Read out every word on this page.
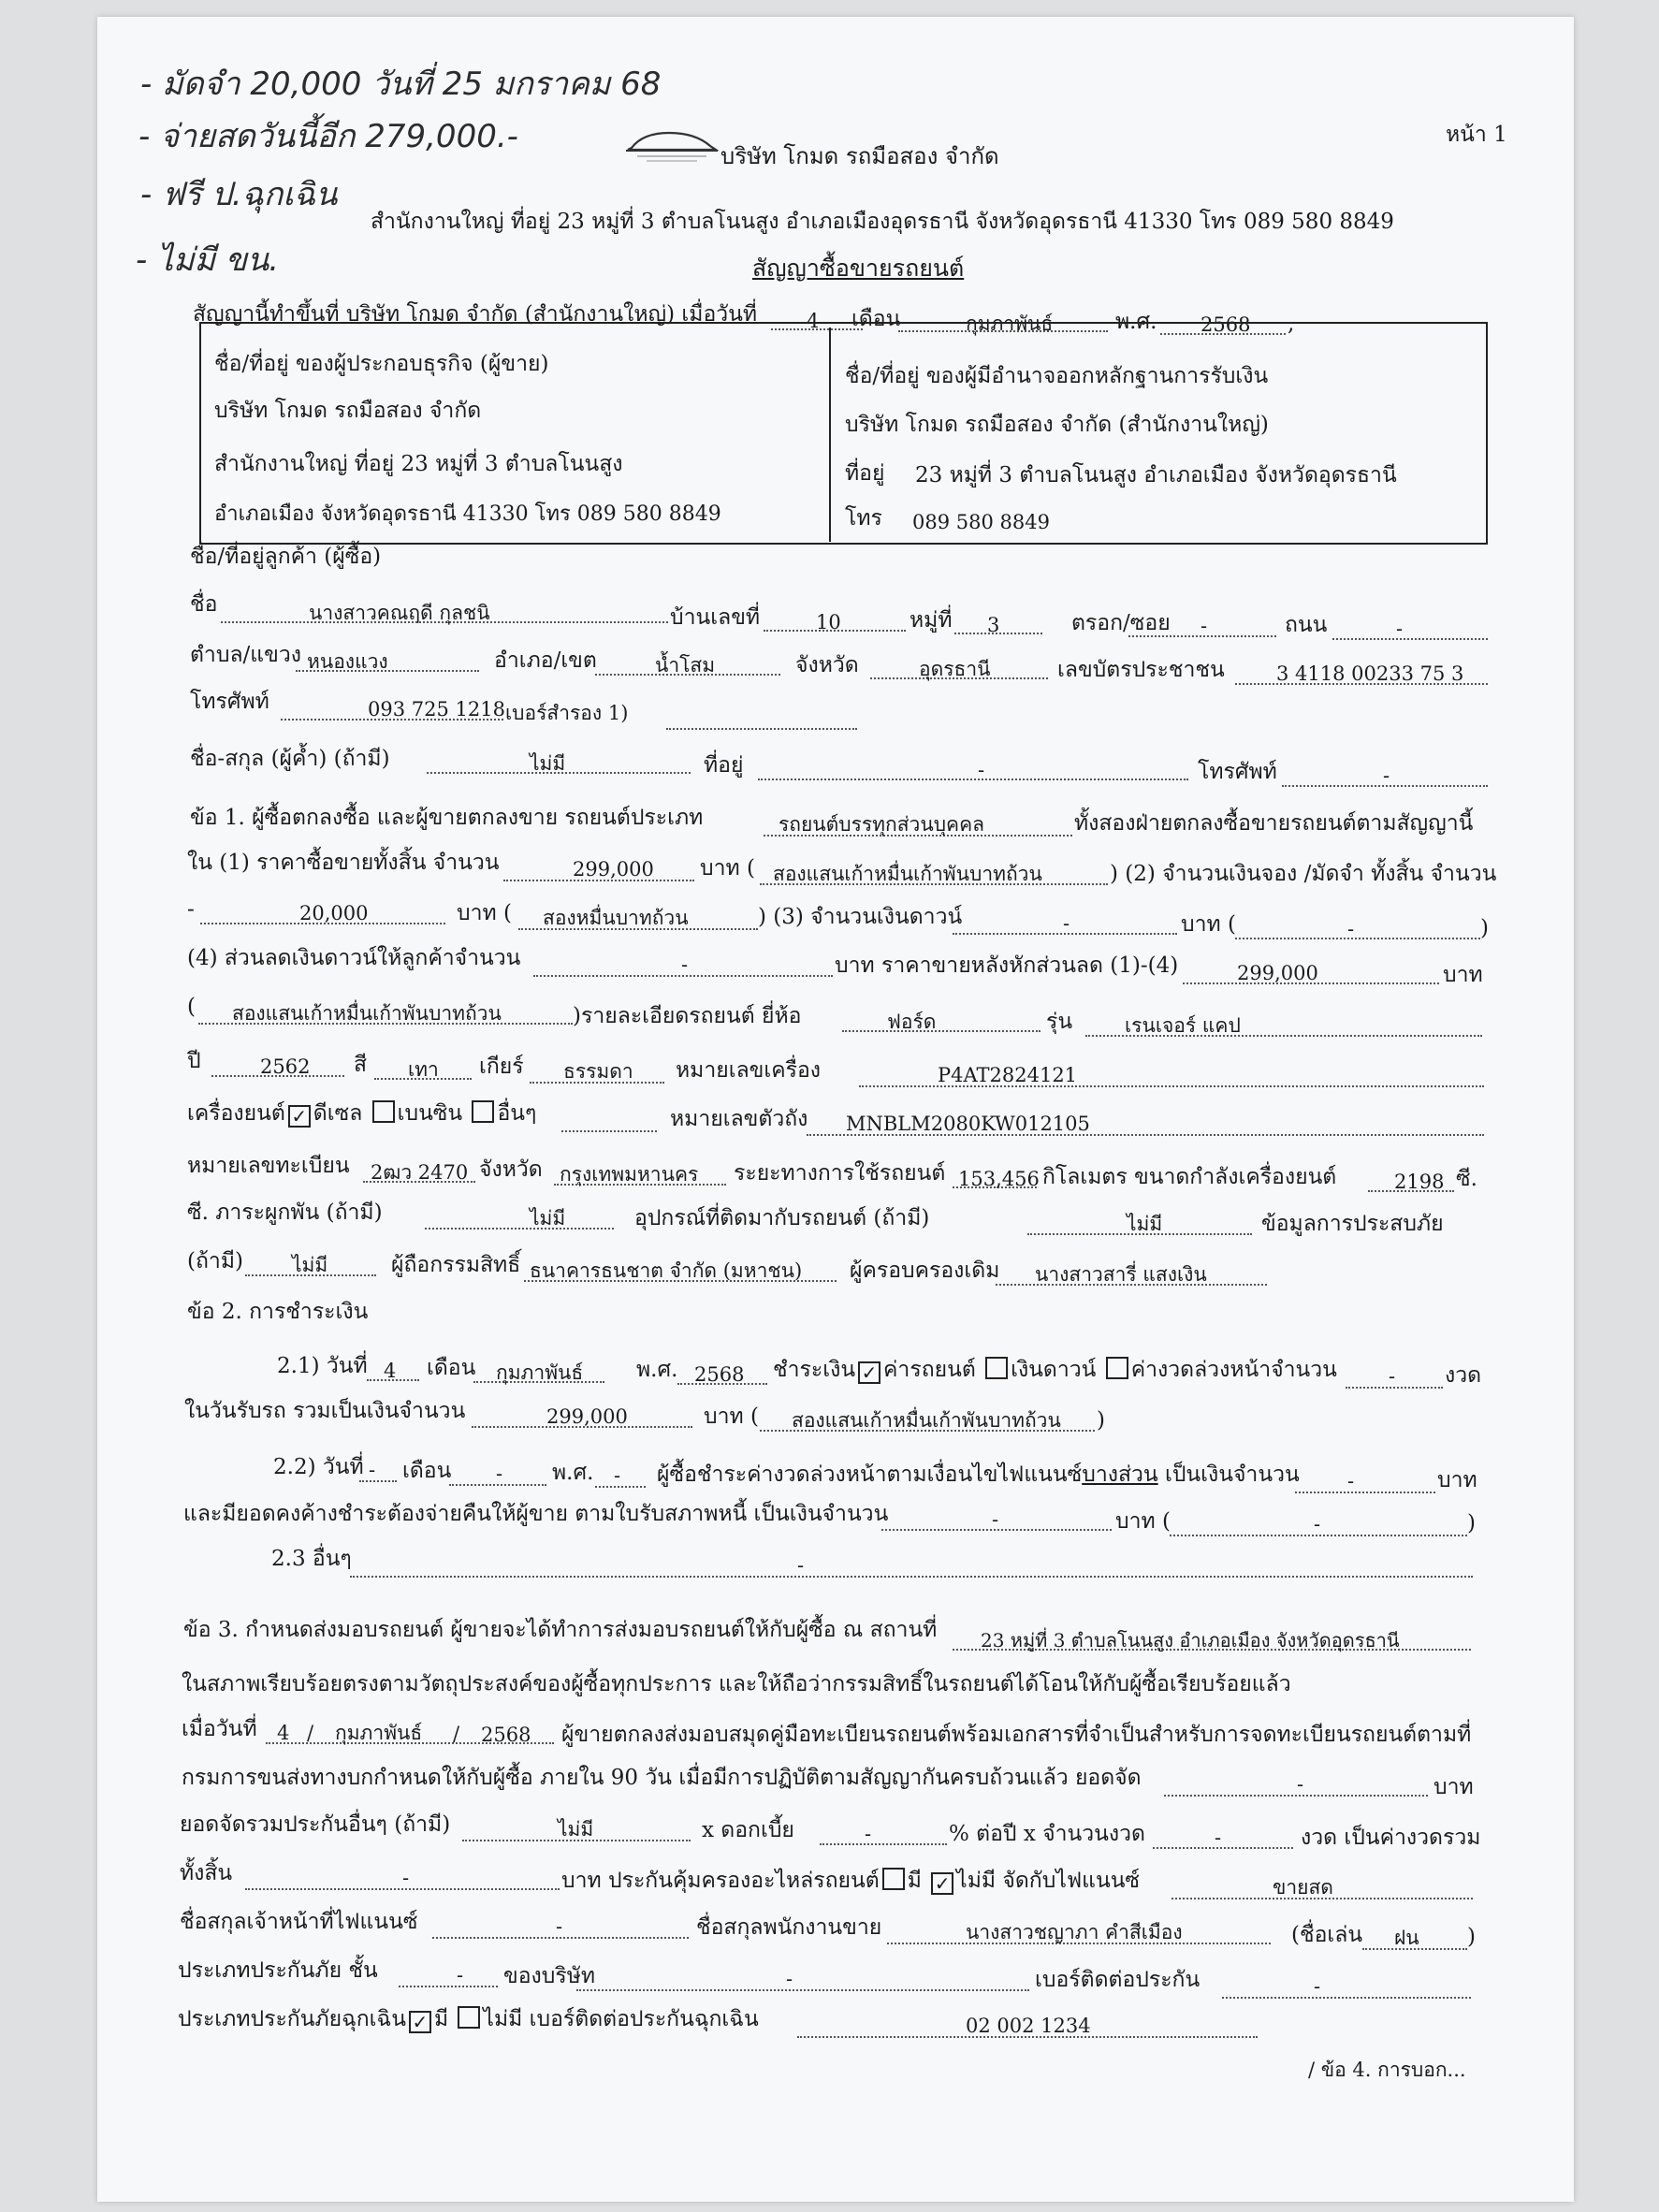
- มัดจำ 20,000 วันที่ 25 มกราคม 68
- จ่ายสดวันนี้อีก 279,000.-
- ฟรี ป.ฉุกเฉิน
- ไม่มี ขน.
บริษัท โกมด รถมือสอง จำกัด
หน้า 1
สำนักงานใหญ่ ที่อยู่ 23 หมู่ที่ 3 ตำบลโนนสูง อำเภอเมืองอุดรธานี จังหวัดอุดรธานี 41330 โทร 089 580 8849
สัญญาซื้อขายรถยนต์
สัญญานี้ทำขึ้นที่ บริษัท โกมด จำกัด (สำนักงานใหญ่) เมื่อวันที่	4 เดือน	กุมภาพันธ์	พ.ศ. 2568 ,
ชื่อ/ที่อยู่ ของผู้ประกอบธุรกิจ (ผู้ขาย)
บริษัท โกมด รถมือสอง จำกัด
สำนักงานใหญ่ ที่อยู่ 23 หมู่ที่ 3 ตำบลโนนสูง
อำเภอเมือง จังหวัดอุดรธานี 41330 โทร 089 580 8849
ชื่อ/ที่อยู่ ของผู้มีอำนาจออกหลักฐานการรับเงิน
บริษัท โกมด รถมือสอง จำกัด (สำนักงานใหญ่)
ที่อยู่ 23 หมู่ที่ 3 ตำบลโนนสูง อำเภอเมือง จังหวัดอุดรธานี
โทร 089 580 8849
ชื่อ/ที่อยู่ลูกค้า (ผู้ซื้อ)
ชื่อ	นางสาวคณฤดี กุลชนิ	บ้านเลขที่	10	หมู่ที่ 3	ตรอก/ซอย -	ถนน	-
ตำบล/แขวง หนองแวง	อำเภอ/เขต	น้ำโสม	จังหวัด	อุดรธานี	เลขบัตรประชาชน	3 4118 00233 75 3
โทรศัพท์	093 725 1218 เบอร์สำรอง 1)
ชื่อ-สกุล (ผู้ค้ำ) (ถ้ามี)	ไม่มี	ที่อยู่	-	โทรศัพท์	-
ข้อ 1. ผู้ซื้อตกลงซื้อ และผู้ขายตกลงขาย รถยนต์ประเภท	รถยนต์บรรทุกส่วนบุคคล	ทั้งสองฝ่ายตกลงซื้อขายรถยนต์ตามสัญญานี้
ใน (1) ราคาซื้อขายทั้งสิ้น จำนวน	299,000 บาท ( สองแสนเก้าหมื่นเก้าพันบาทถ้วน	) (2) จำนวนเงินจอง /มัดจำ ทั้งสิ้น จำนวน
-	20,000	บาท ( สองหมื่นบาทถ้วน	) (3) จำนวนเงินดาวน์	-	บาท (	-	)
(4) ส่วนลดเงินดาวน์ให้ลูกค้าจำนวน	-	บาท ราคาขายหลังหักส่วนลด (1)-(4)	299,000	บาท
( สองแสนเก้าหมื่นเก้าพันบาทถ้วน	)รายละเอียดรถยนต์ ยี่ห้อ	ฟอร์ด	รุ่น	เรนเจอร์ แคป
ปี	2562 สี เทา เกียร์ ธรรมดา หมายเลขเครื่อง	P4AT2824121
เครื่องยนต์ ✓ ดีเซล เบนซิน อื่นๆ	หมายเลขตัวถัง MNBLM2080KW012105
หมายเลขทะเบียน 2ฒว 2470 จังหวัด กรุงเทพมหานคร ระยะทางการใช้รถยนต์ 153,456 กิโลเมตร ขนาดกำลังเครื่องยนต์	2198 ซี.
ซี. ภาระผูกพัน (ถ้ามี)	ไม่มี	อุปกรณ์ที่ติดมากับรถยนต์ (ถ้ามี)	ไม่มี	ข้อมูลการประสบภัย
(ถ้ามี) ไม่มี	ผู้ถือกรรมสิทธิ์ ธนาคารธนชาต จำกัด (มหาชน) ผู้ครอบครองเดิม นางสาวสารี่ แสงเงิน
ข้อ 2. การชำระเงิน
2.1) วันที่ 4 เดือน กุมภาพันธ์ พ.ศ. 2568 ชำระเงิน ✓ ค่ารถยนต์ เงินดาวน์ ค่างวดล่วงหน้าจำนวน	- งวด
ในวันรับรถ รวมเป็นเงินจำนวน	299,000	บาท ( สองแสนเก้าหมื่นเก้าพันบาทถ้วน )
2.2) วันที่ - เดือน - พ.ศ. - ผู้ซื้อชำระค่างวดล่วงหน้าตามเงื่อนไขไฟแนนซ์บางส่วน เป็นเงินจำนวน -	บาท
และมียอดคงค้างชำระต้องจ่ายคืนให้ผู้ขาย ตามใบรับสภาพหนี้ เป็นเงินจำนวน	-	บาท (	-	)
2.3 อื่นๆ	-
ข้อ 3. กำหนดส่งมอบรถยนต์ ผู้ขายจะได้ทำการส่งมอบรถยนต์ให้กับผู้ซื้อ ณ สถานที่ 23 หมู่ที่ 3 ตำบลโนนสูง อำเภอเมือง จังหวัดอุดรธานี
ในสภาพเรียบร้อยตรงตามวัตถุประสงค์ของผู้ซื้อทุกประการ และให้ถือว่ากรรมสิทธิ์ในรถยนต์ได้โอนให้กับผู้ซื้อเรียบร้อยแล้ว
เมื่อวันที่ 4 / กุมภาพันธ์ / 2568 ผู้ขายตกลงส่งมอบสมุดคู่มือทะเบียนรถยนต์พร้อมเอกสารที่จำเป็นสำหรับการจดทะเบียนรถยนต์ตามที่
กรมการขนส่งทางบกกำหนดให้กับผู้ซื้อ ภายใน 90 วัน เมื่อมีการปฏิบัติตามสัญญากันครบถ้วนแล้ว ยอดจัด	-	บาท
ยอดจัดรวมประกันอื่นๆ (ถ้ามี)	ไม่มี	x ดอกเบี้ย	-	% ต่อปี x จำนวนงวด	-	งวด เป็นค่างวดรวม
ทั้งสิ้น	-	บาท ประกันคุ้มครองอะไหล่รถยนต์ มี ✓ ไม่มี จัดกับไฟแนนซ์	ขายสด
ชื่อสกุลเจ้าหน้าที่ไฟแนนซ์	-	ชื่อสกุลพนักงานขาย	นางสาวชญาภา คำสีเมือง	(ชื่อเล่น ฝน )
ประเภทประกันภัย ชั้น	- ของบริษัท	-	เบอร์ติดต่อประกัน	-
ประเภทประกันภัยฉุกเฉิน ✓ มี ไม่มี เบอร์ติดต่อประกันฉุกเฉิน	02 002 1234
/ ข้อ 4. การบอก...
